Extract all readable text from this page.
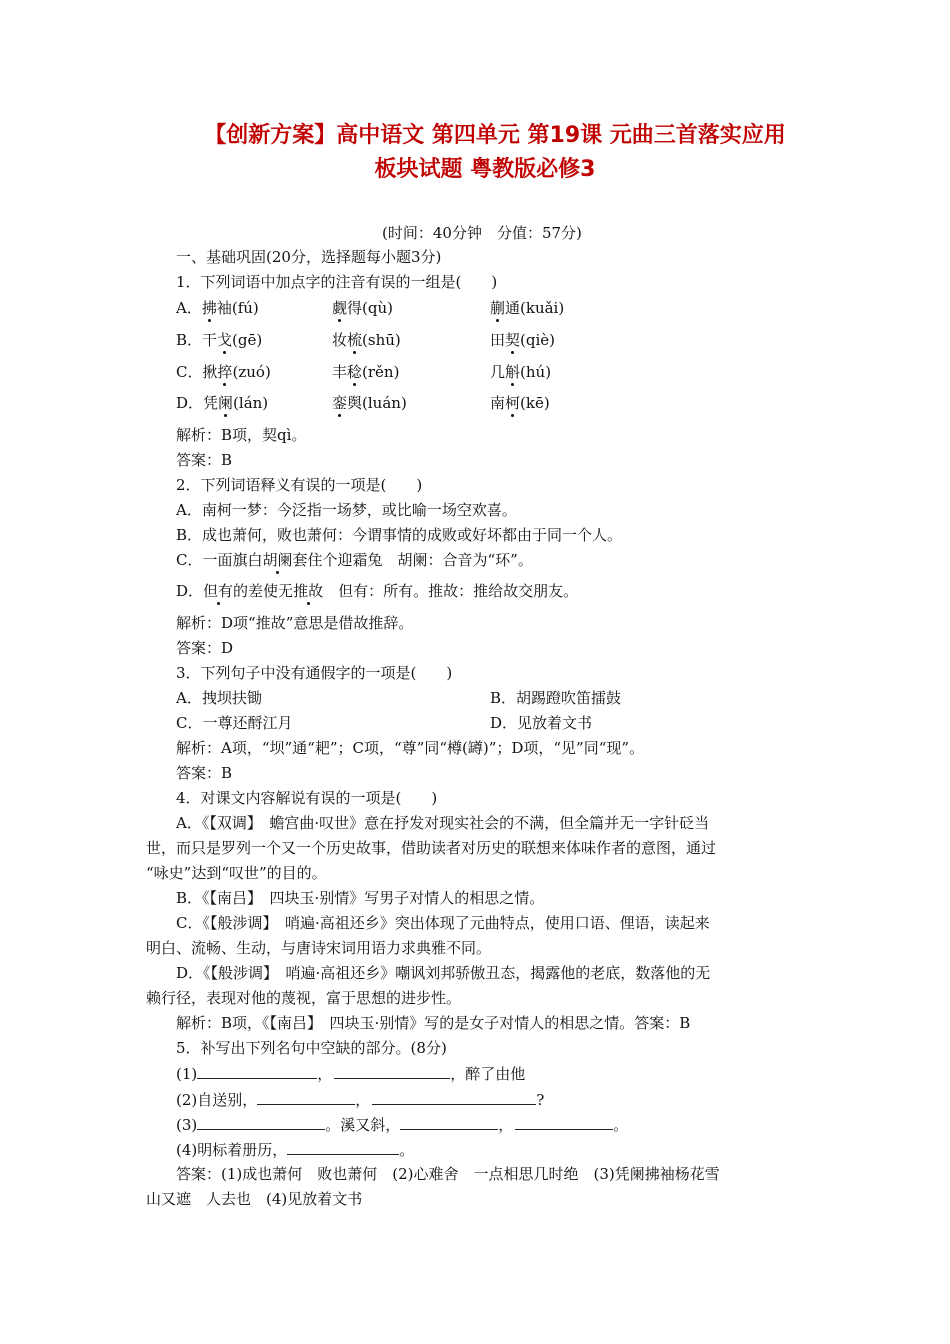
【创新方案】高中语文 第四单元 第19课 元曲三首落实应用
板块试题 粤教版必修3
(时间：40分钟　分值：57分)
一、基础巩固(20分，选择题每小题3分)
1．下列词语中加点字的注音有误的一组是(　　)
A．拂袖(fú)	觑得(qù)	蒯通(kuǎi)
B．干戈(gē)	妆梳(shū)	田契(qiè)
C．揪捽(zuó)	丰稔(rěn)	几斛(hú)
D．凭阑(lán)	銮舆(luán)	南柯(kē)
解析：B项，契qì。
答案：B
2．下列词语释义有误的一项是(　　)
A．南柯一梦：今泛指一场梦，或比喻一场空欢喜。
B．成也萧何，败也萧何：今谓事情的成败或好坏都由于同一个人。
C．一面旗白胡阑套住个迎霜兔　胡阑：合音为“环”。
D．但有的差使无推故　但有：所有。推故：推给故交朋友。
解析：D项“推故”意思是借故推辞。
答案：D
3．下列句子中没有通假字的一项是(　　)
A．拽坝扶锄	B．胡踢蹬吹笛擂鼓
C．一尊还酹江月	D．见放着文书
解析：A项，“坝”通“耙”；C项，“尊”同“樽(罇)”；D项，“见”同“现”。
答案：B
4．对课文内容解说有误的一项是(　　)
A．《【双调】　蟾宫曲·叹世》意在抒发对现实社会的不满，但全篇并无一字针砭当
世，而只是罗列一个又一个历史故事，借助读者对历史的联想来体味作者的意图，通过
“咏史”达到“叹世”的目的。
B．《【南吕】　四块玉·别情》写男子对情人的相思之情。
C．《【般涉调】　哨遍·高祖还乡》突出体现了元曲特点，使用口语、俚语，读起来
明白、流畅、生动，与唐诗宋词用语力求典雅不同。
D．《【般涉调】　哨遍·高祖还乡》嘲讽刘邦骄傲丑态，揭露他的老底，数落他的无
赖行径，表现对他的蔑视，富于思想的进步性。
解析：B项，《【南吕】　四块玉·别情》写的是女子对情人的相思之情。答案：B
5．补写出下列名句中空缺的部分。(8分)
(1)	，	，醉了由他
(2)自送别，	，	?
(3)	。溪又斜，	，	。
(4)明标着册历，	。
答案：(1)成也萧何　败也萧何　(2)心难舍　一点相思几时绝　(3)凭阑拂袖杨花雪
山又遮　人去也　(4)见放着文书
